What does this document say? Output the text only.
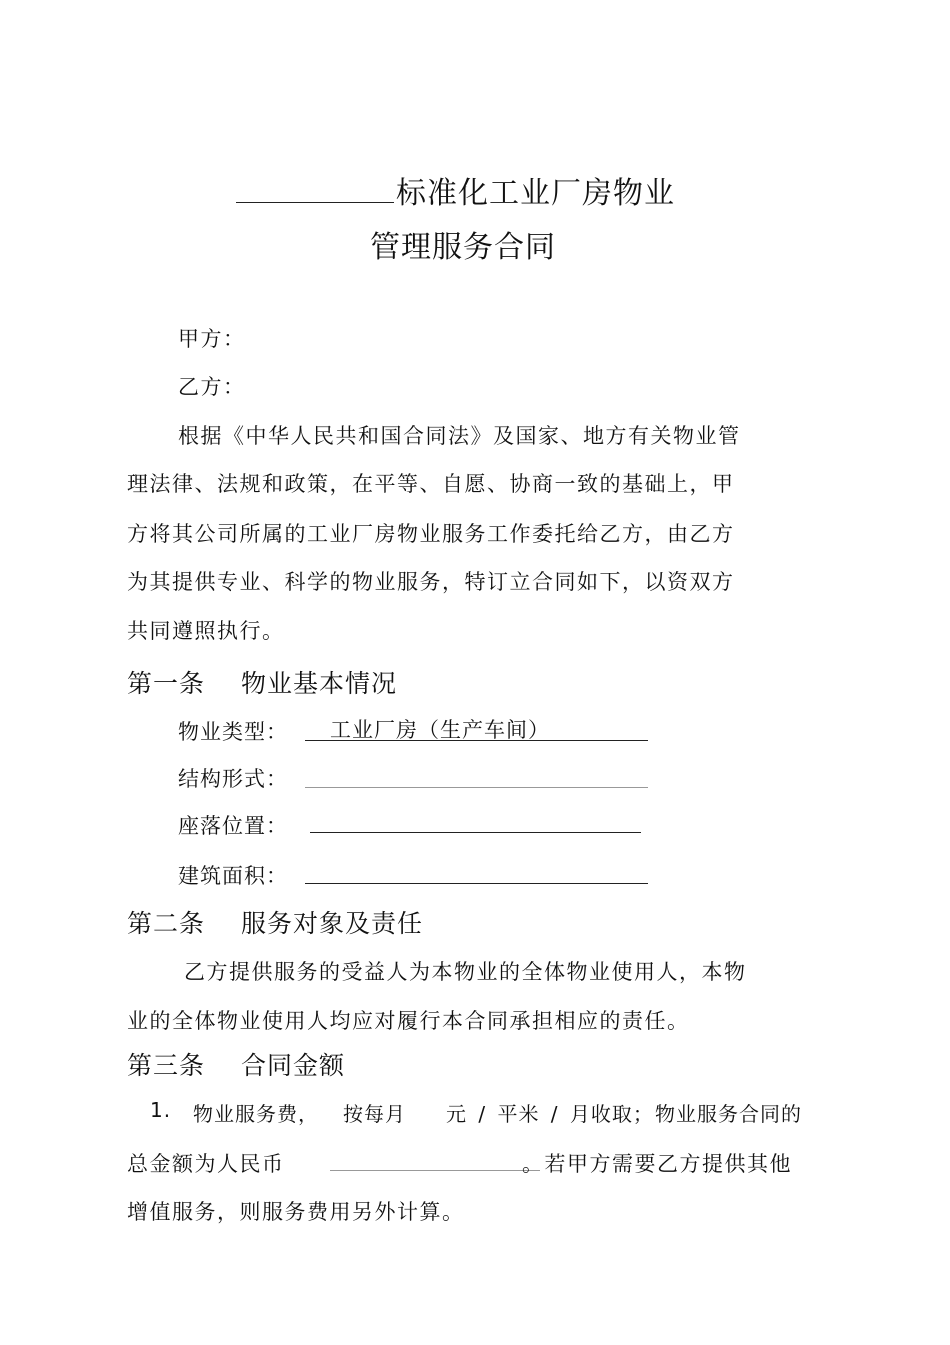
标准化工业厂房物业
管理服务合同
甲方：
乙方：
根据《中华人民共和国合同法》及国家、地方有关物业管
理法律、法规和政策，在平等、自愿、协商一致的基础上，甲
方将其公司所属的工业厂房物业服务工作委托给乙方，由乙方
为其提供专业、科学的物业服务，特订立合同如下，以资双方
共同遵照执行。
第一条 物业基本情况
物业类型： 工业厂房（生产车间）
结构形式：
座落位置：
建筑面积：
第二条 服务对象及责任
乙方提供服务的受益人为本物业的全体物业使用人，本物
业的全体物业使用人均应对履行本合同承担相应的责任。
第三条 合同金额
1. 物业服务费， 按每月 元 / 平米 / 月收取； 物业服务合同的
总金额为人民币	。若甲方需要乙方提供其他
增值服务，则服务费用另外计算。
